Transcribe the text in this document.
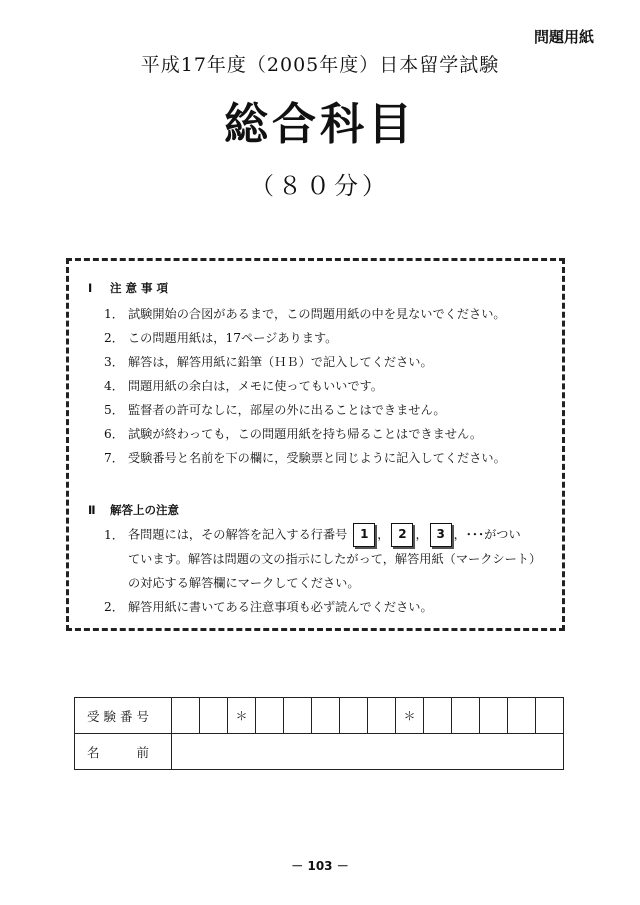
問題用紙
平成17年度（2005年度）日本留学試験
総合科目
（８０分）
Ⅰ 注 意 事 項
1． 試験開始の合図があるまで，この問題用紙の中を見ないでください。
2． この問題用紙は，17ページあります。
3． 解答は，解答用紙に鉛筆（ＨＢ）で記入してください。
4． 問題用紙の余白は，メモに使ってもいいです。
5． 監督者の許可なしに，部屋の外に出ることはできません。
6． 試験が終わっても，この問題用紙を持ち帰ることはできません。
7． 受験番号と名前を下の欄に，受験票と同じように記入してください。
Ⅱ 解答上の注意
1． 各問題には，その解答を記入する行番号 1 ， 2 ， 3 ，･･･がつい
ています。解答は問題の文の指示にしたがって，解答用紙（マークシート）
の対応する解答欄にマークしてください。
2． 解答用紙に書いてある注意事項も必ず読んでください。
受験番号			＊						＊					
名　　前														
－ 103 －
